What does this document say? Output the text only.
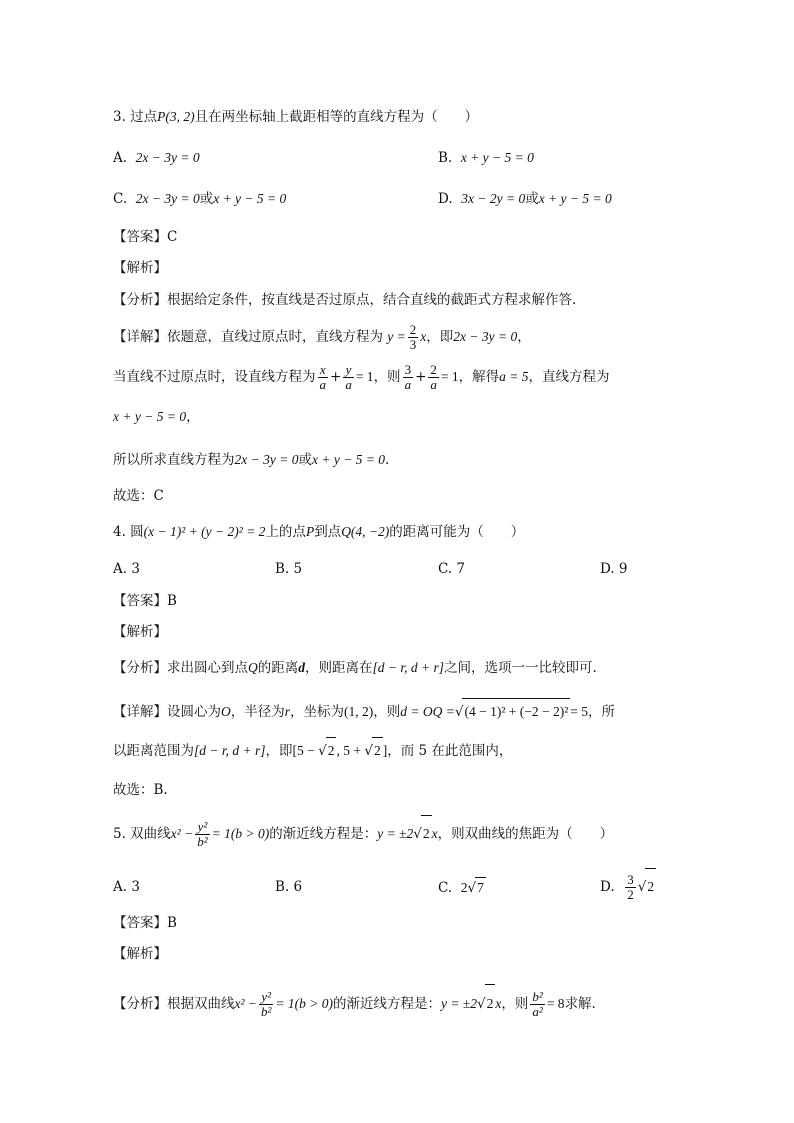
3. 过点P(3, 2)且在两坐标轴上截距相等的直线方程为（　　）
A. 2x − 3y = 0	B. x + y − 5 = 0
C. 2x − 3y = 0或x + y − 5 = 0	D. 3x − 2y = 0或x + y − 5 = 0
【答案】C
【解析】
【分析】根据给定条件，按直线是否过原点，结合直线的截距式方程求解作答.
【详解】依题意，直线过原点时，直线方程为 $y = \frac{2}{3}$ x，即2x − 3y = 0，
当直线不过原点时，设直线方程为 $\frac{x}{a} + \frac{y}{a} = 1$，则 $\frac{3}{a} + \frac{2}{a} = 1$，解得a = 5，直线方程为
x + y − 5 = 0，
所以所求直线方程为2x − 3y = 0或x + y − 5 = 0.
故选：C
4. 圆(x − 1)² + (y − 2)² = 2上的点P到点Q(4, −2)的距离可能为（　　）
A. 3	B. 5	C. 7	D. 9
【答案】B
【解析】
【分析】求出圆心到点Q的距离d，则距离在[d − r, d + r]之间，选项一一比较即可.
【详解】设圆心为O，半径为r，坐标为(1, 2)，则d = OQ =√(4 − 1)² + (−2 − 2)² = 5，所
以距离范围为[d − r, d + r]，即[5 − √2 , 5 + √2 ]，而 5 在此范围内，
故选：B.
5. 双曲线$x^2 - \frac{\text{y²}}{\text{b²}} = 1(b > 0)$的渐近线方程是：y = ±2√2 x，则双曲线的焦距为（　　）
A. 3	B. 6	C. 2√7	D. $\frac{3}{2} √2$
【答案】B
【解析】
【分析】根据双曲线$x^2 - \frac{\text{y²}}{\text{b²}} = 1(b > 0)$的渐近线方程是：y = ±2√2 x，则 $\frac{\text{b²}}{\text{a²}} = 8$求解.
